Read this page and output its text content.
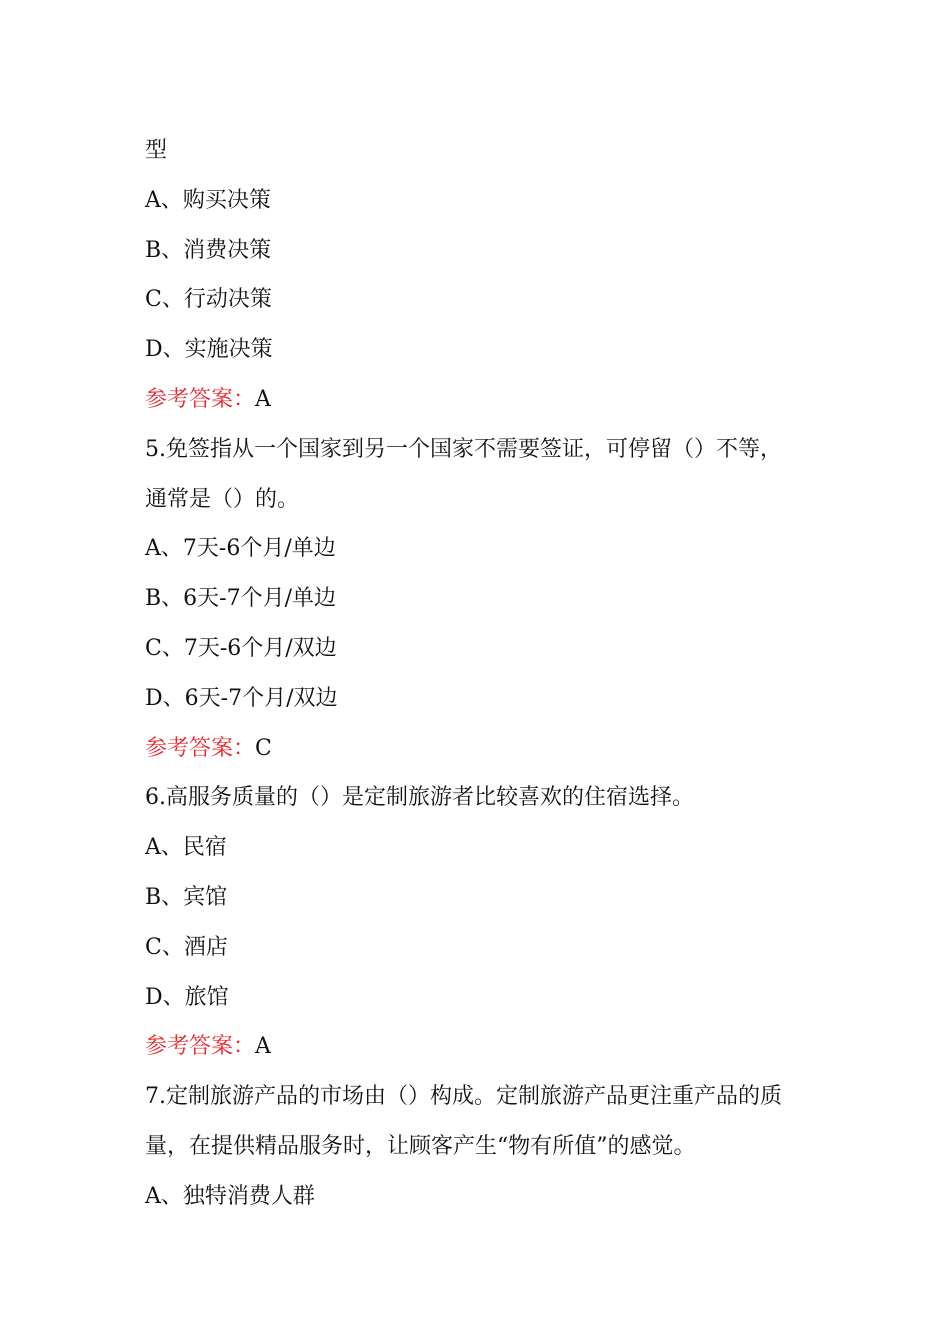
型
A、购买决策
B、消费决策
C、行动决策
D、实施决策
参考答案：A
5.免签指从一个国家到另一个国家不需要签证，可停留（）不等，
通常是（）的。
A、7天-6个月/单边
B、6天-7个月/单边
C、7天-6个月/双边
D、6天-7个月/双边
参考答案：C
6.高服务质量的（）是定制旅游者比较喜欢的住宿选择。
A、民宿
B、宾馆
C、酒店
D、旅馆
参考答案：A
7.定制旅游产品的市场由（）构成。定制旅游产品更注重产品的质
量，在提供精品服务时，让顾客产生“物有所值”的感觉。
A、独特消费人群
